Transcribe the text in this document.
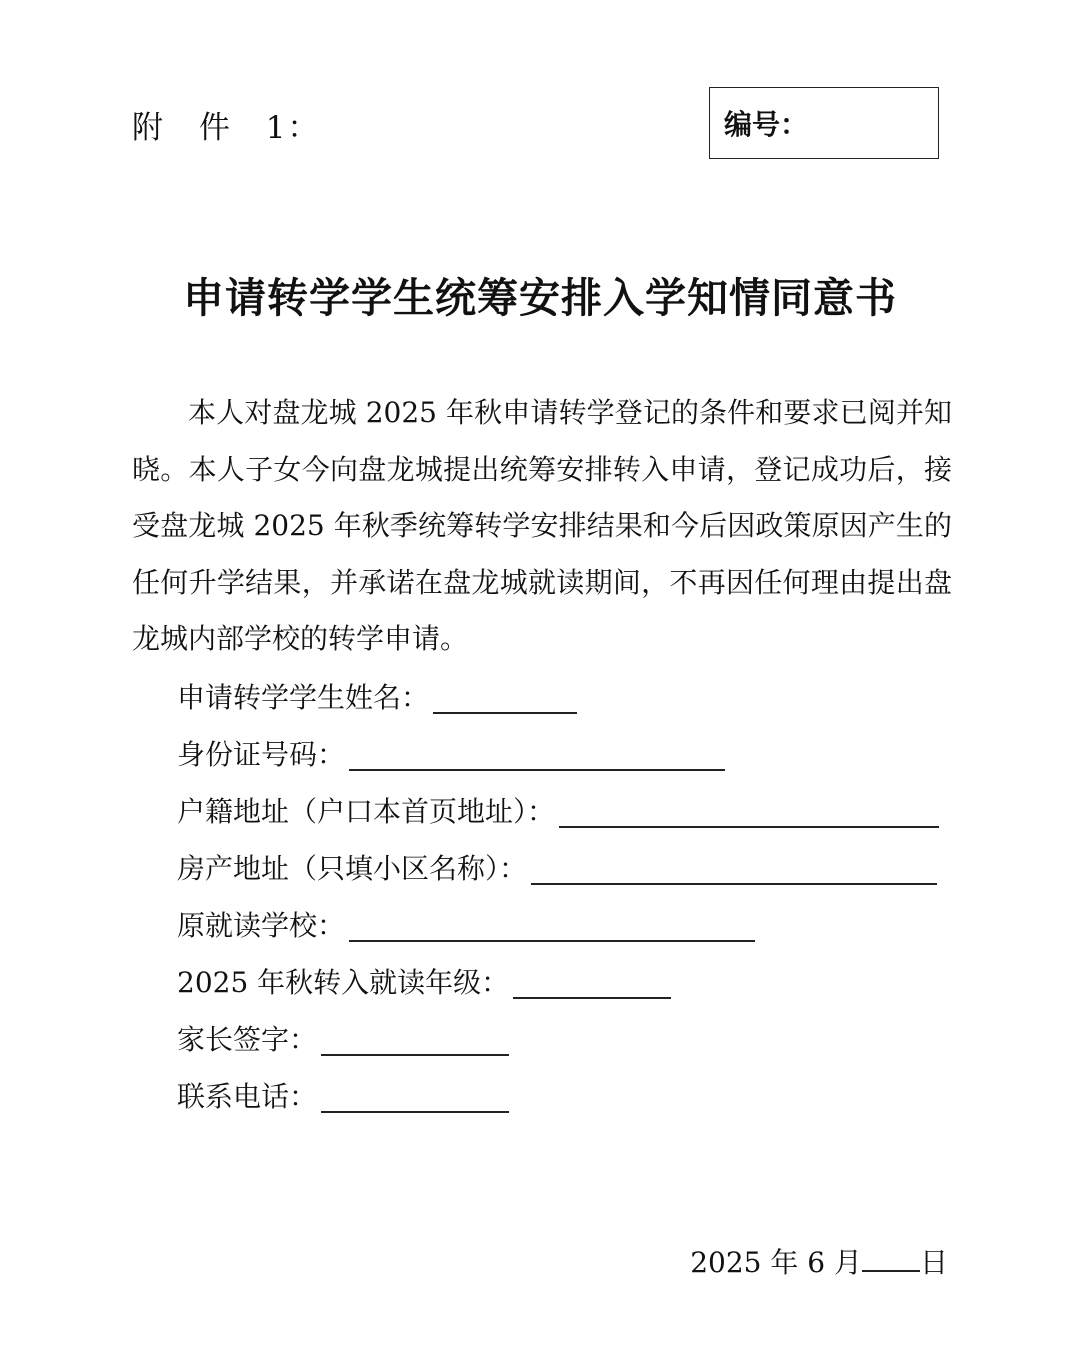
附 件 1：	编号：
申请转学学生统筹安排入学知情同意书

本人对盘龙城 2025 年秋申请转学登记的条件和要求已阅并知晓。本人子女今向盘龙城提出统筹安排转入申请，登记成功后，接受盘龙城 2025 年秋季统筹转学安排结果和今后因政策原因产生的任何升学结果，并承诺在盘龙城就读期间，不再因任何理由提出盘龙城内部学校的转学申请。

申请转学学生姓名：
身份证号码：
户籍地址（户口本首页地址）：
房产地址（只填小区名称）：
原就读学校：
2025 年秋转入就读年级：
家长签字：
联系电话：
2025 年 6 月 日
